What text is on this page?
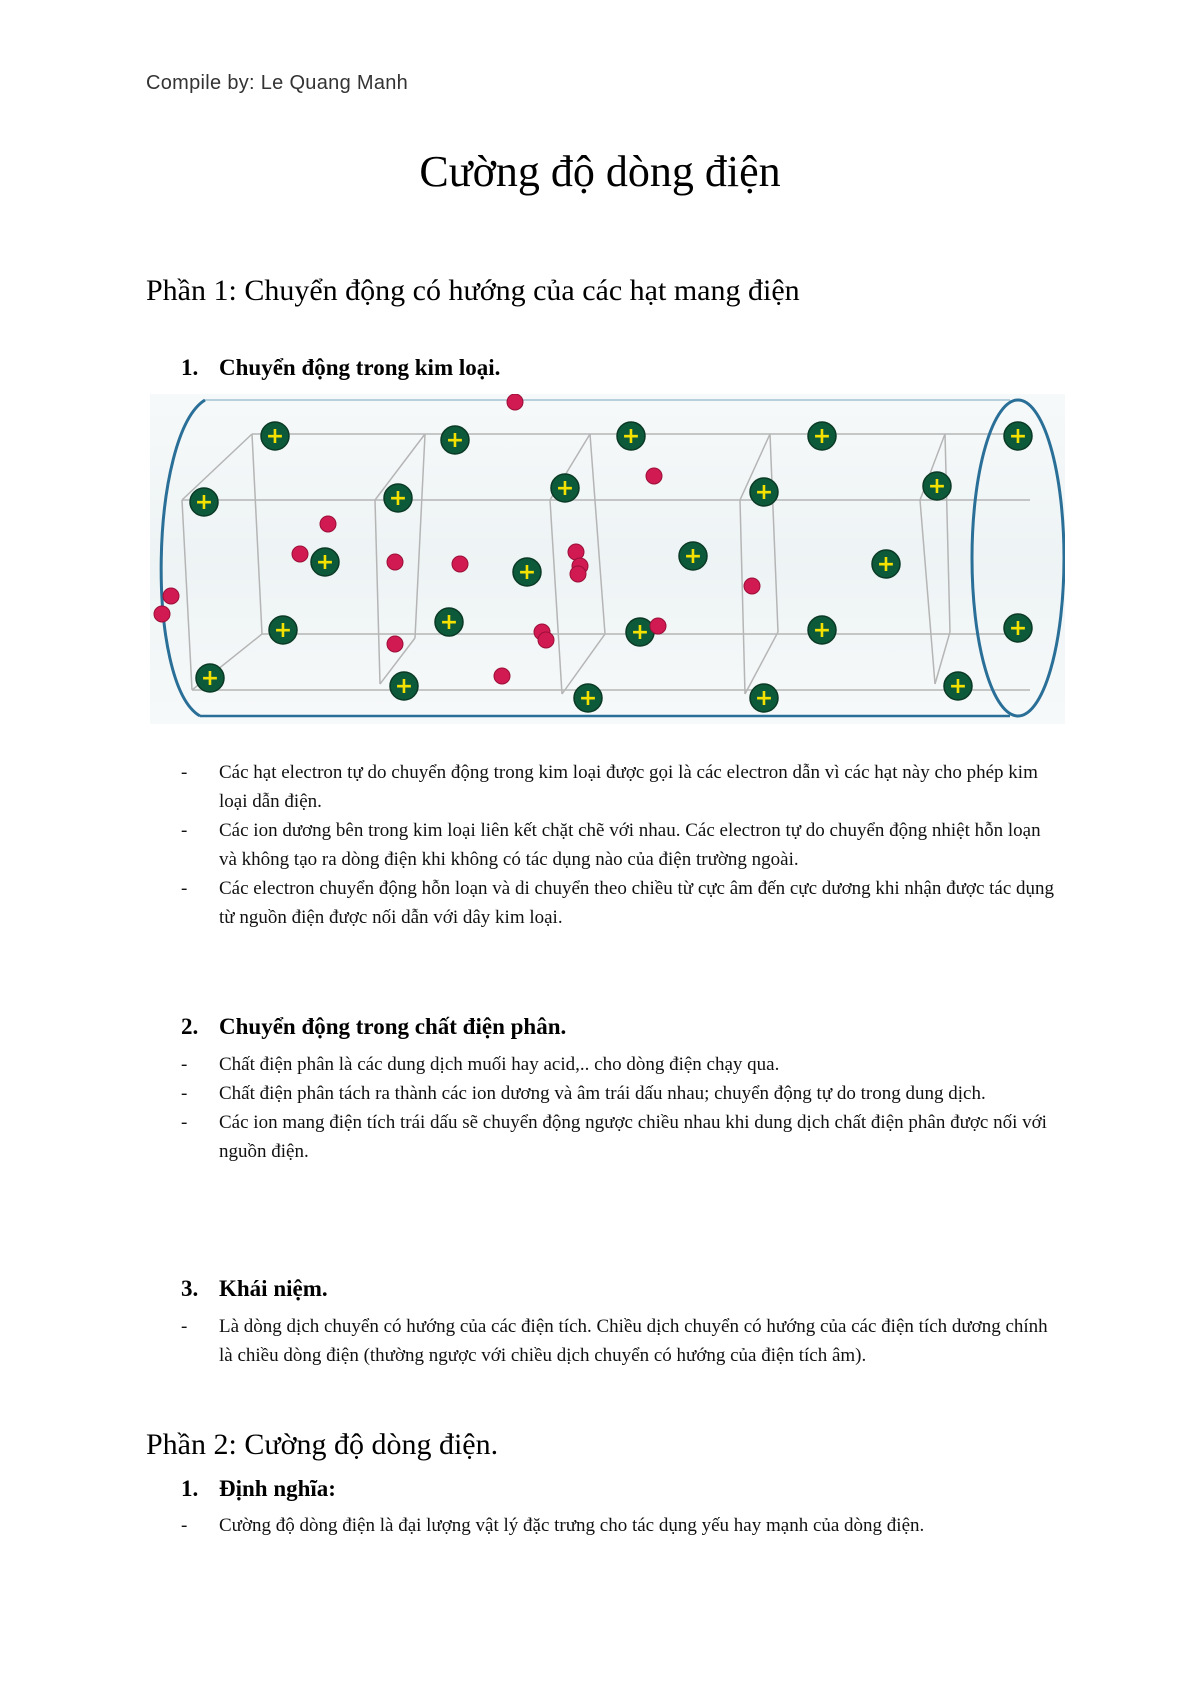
Compile by: Le Quang Manh
Cường độ dòng điện
Phần 1: Chuyển động có hướng của các hạt mang điện
1. Chuyển động trong kim loại.
+	+	+	+	+
+	+	+	+	+
+	+
+	+
+	+	+	+	+
+	+	+	+	+
- Các hạt electron tự do chuyển động trong kim loại được gọi là các electron dẫn vì các hạt này cho phép kim loại dẫn điện.
- Các ion dương bên trong kim loại liên kết chặt chẽ với nhau. Các electron tự do chuyển động nhiệt hỗn loạn và không tạo ra dòng điện khi không có tác dụng nào của điện trường ngoài.
- Các electron chuyển động hỗn loạn và di chuyển theo chiều từ cực âm đến cực dương khi nhận được tác dụng từ nguồn điện được nối dẫn với dây kim loại.
2. Chuyển động trong chất điện phân.
- Chất điện phân là các dung dịch muối hay acid,.. cho dòng điện chạy qua.
- Chất điện phân tách ra thành các ion dương và âm trái dấu nhau; chuyển động tự do trong dung dịch.
- Các ion mang điện tích trái dấu sẽ chuyển động ngược chiều nhau khi dung dịch chất điện phân được nối với nguồn điện.
3. Khái niệm.
- Là dòng dịch chuyển có hướng của các điện tích. Chiều dịch chuyển có hướng của các điện tích dương chính là chiều dòng điện (thường ngược với chiều dịch chuyển có hướng của điện tích âm).
Phần 2: Cường độ dòng điện.
1. Định nghĩa:
- Cường độ dòng điện là đại lượng vật lý đặc trưng cho tác dụng yếu hay mạnh của dòng điện.
